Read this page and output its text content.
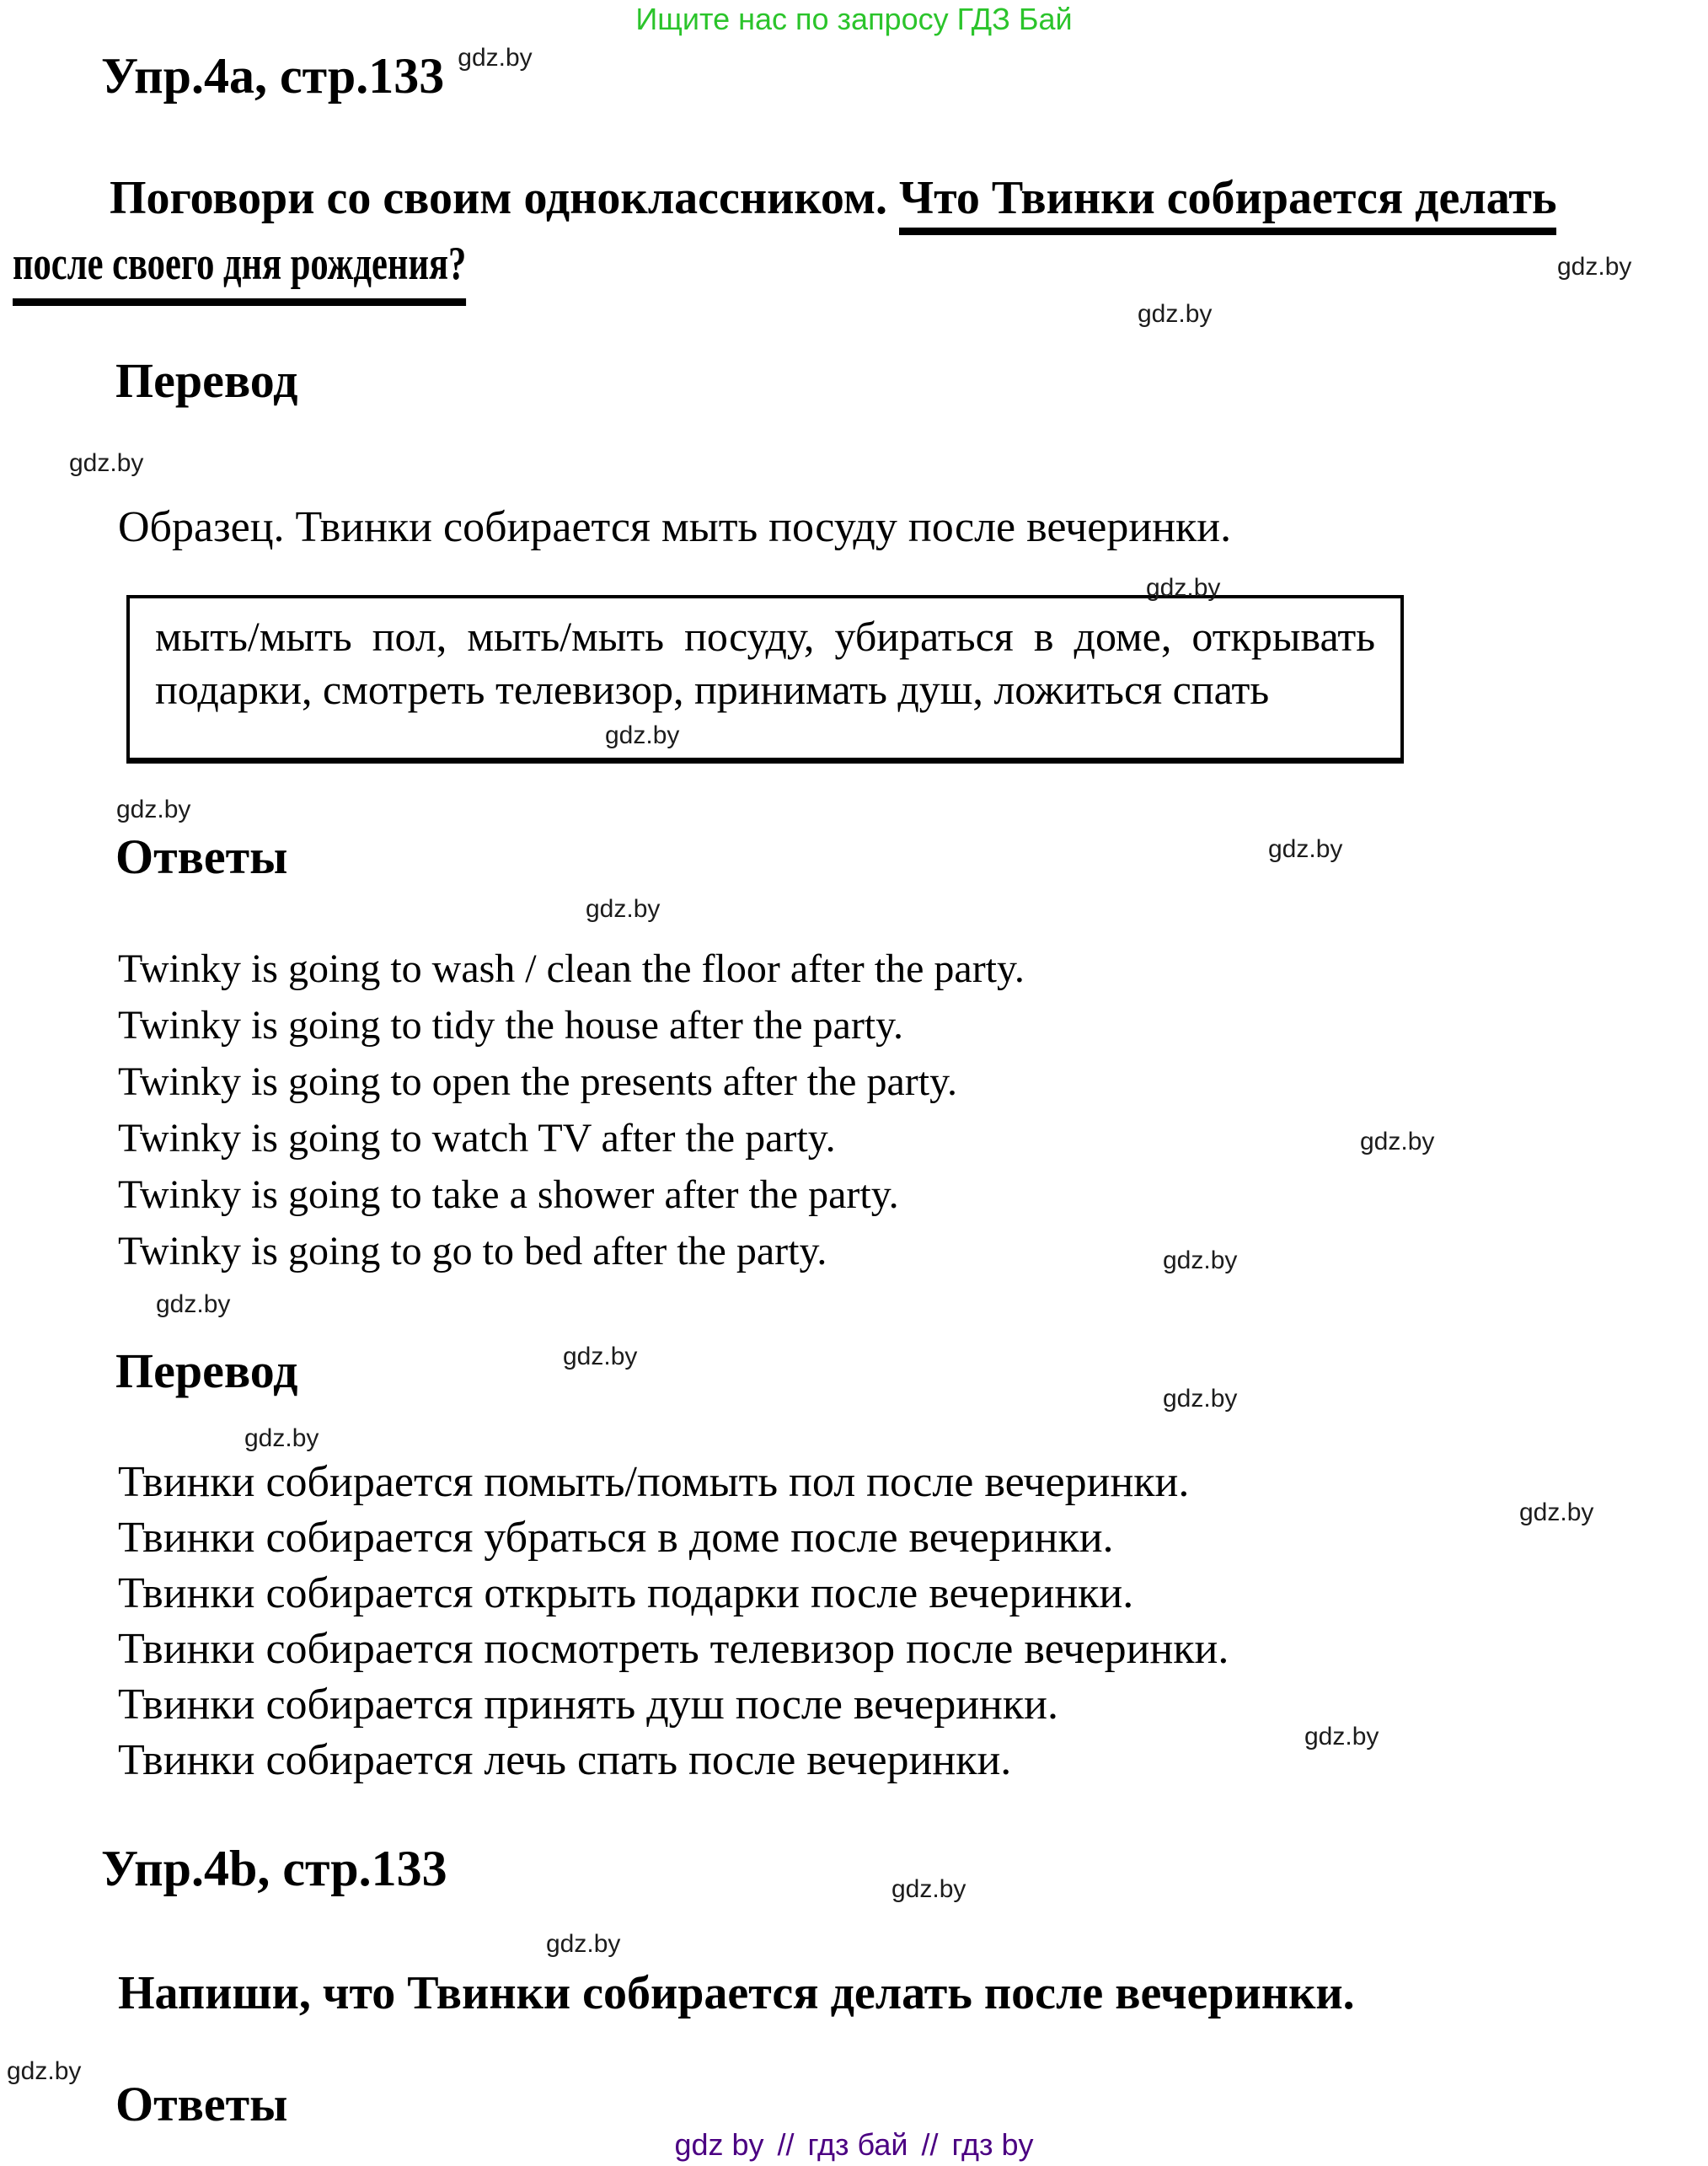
Ищите нас по запросу ГДЗ Бай
Упр.4а, стр.133 $^{gdz.by}$
Поговори со своим одноклассником. Что Твинки собирается делать
после своего дня рождения?
Перевод
Образец. Твинки собирается мыть посуду после вечеринки.
мыть/мыть пол, мыть/мыть посуду, убираться в доме, открывать подарки, смотреть телевизор, принимать душ, ложиться спать
Ответы
Twinky is going to wash / clean the floor after the party.
Twinky is going to tidy the house after the party.
Twinky is going to open the presents after the party.
Twinky is going to watch TV after the party.
Twinky is going to take a shower after the party.
Twinky is going to go to bed after the party.
Перевод
Твинки собирается помыть/помыть пол после вечеринки.
Твинки собирается убраться в доме после вечеринки.
Твинки собирается открыть подарки после вечеринки.
Твинки собирается посмотреть телевизор после вечеринки.
Твинки собирается принять душ после вечеринки.
Твинки собирается лечь спать после вечеринки.
Упр.4b, стр.133
Напиши, что Твинки собирается делать после вечеринки.
Ответы
gdz by // гдз бай // гдз by
gdz.by
gdz.by
gdz.by
gdz.by
gdz.by
gdz.by
gdz.by
gdz.by
gdz.by
gdz.by
gdz.by
gdz.by
gdz.by
gdz.by
gdz.by
gdz.by
gdz.by
gdz.by
gdz.by
